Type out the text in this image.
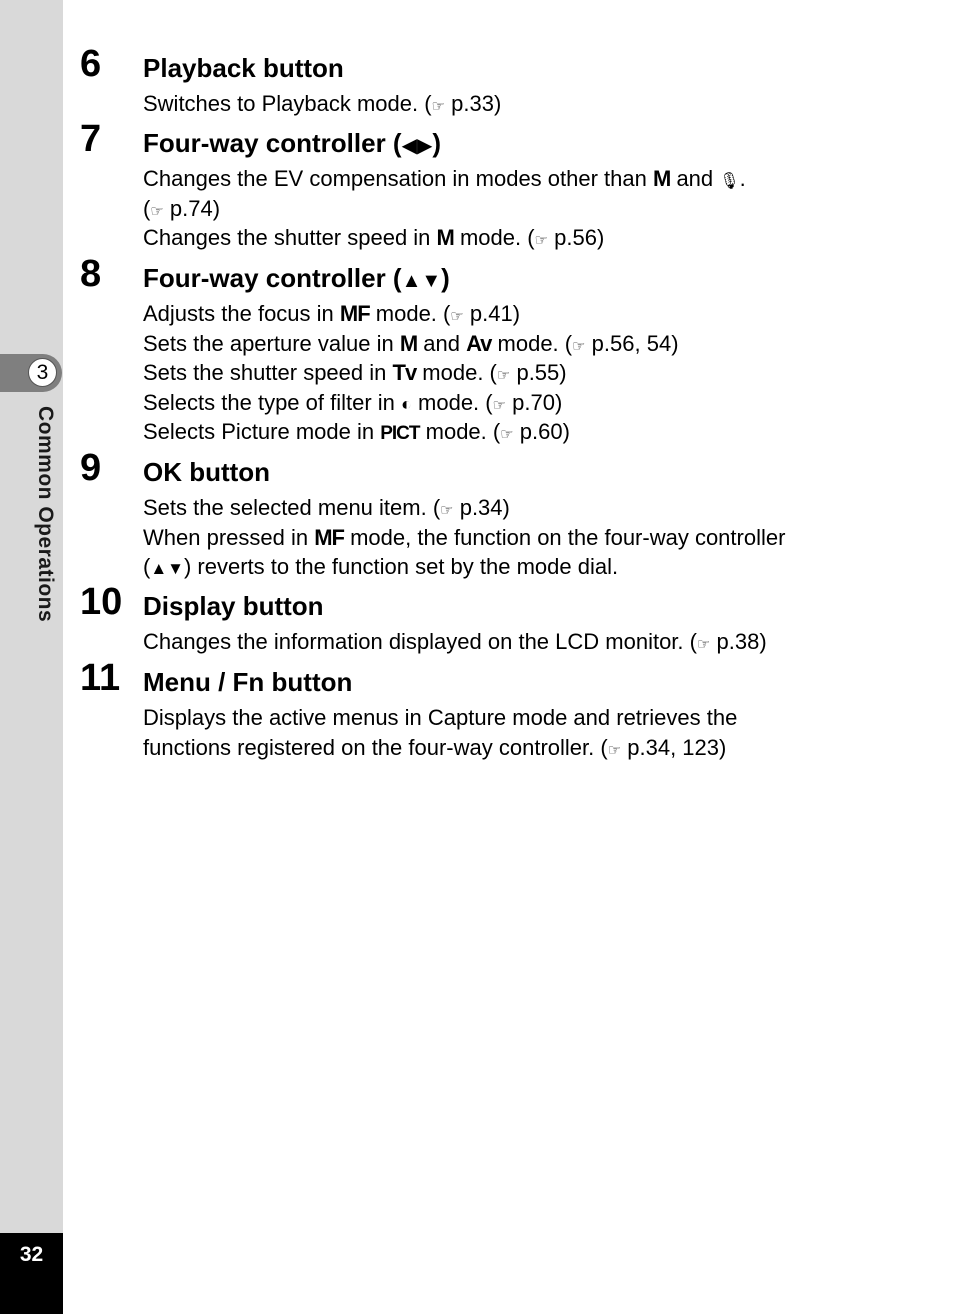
3
Common Operations
32
6 Playback button
Switches to Playback mode. (☞ p.33)
7 Four-way controller (◀▶)
Changes the EV compensation in modes other than M and 🎙.
(☞ p.74)
Changes the shutter speed in M mode. (☞ p.56)
8 Four-way controller (▲▼)
Adjusts the focus in MF mode. (☞ p.41)
Sets the aperture value in M and Av mode. (☞ p.56, 54)
Sets the shutter speed in Tv mode. (☞ p.55)
Selects the type of filter in ◐ mode. (☞ p.70)
Selects Picture mode in PICT mode. (☞ p.60)
9 OK button
Sets the selected menu item. (☞ p.34)
When pressed in MF mode, the function on the four-way controller
(▲▼) reverts to the function set by the mode dial.
10 Display button
Changes the information displayed on the LCD monitor. (☞ p.38)
11 Menu / Fn button
Displays the active menus in Capture mode and retrieves the
functions registered on the four-way controller. (☞ p.34, 123)
